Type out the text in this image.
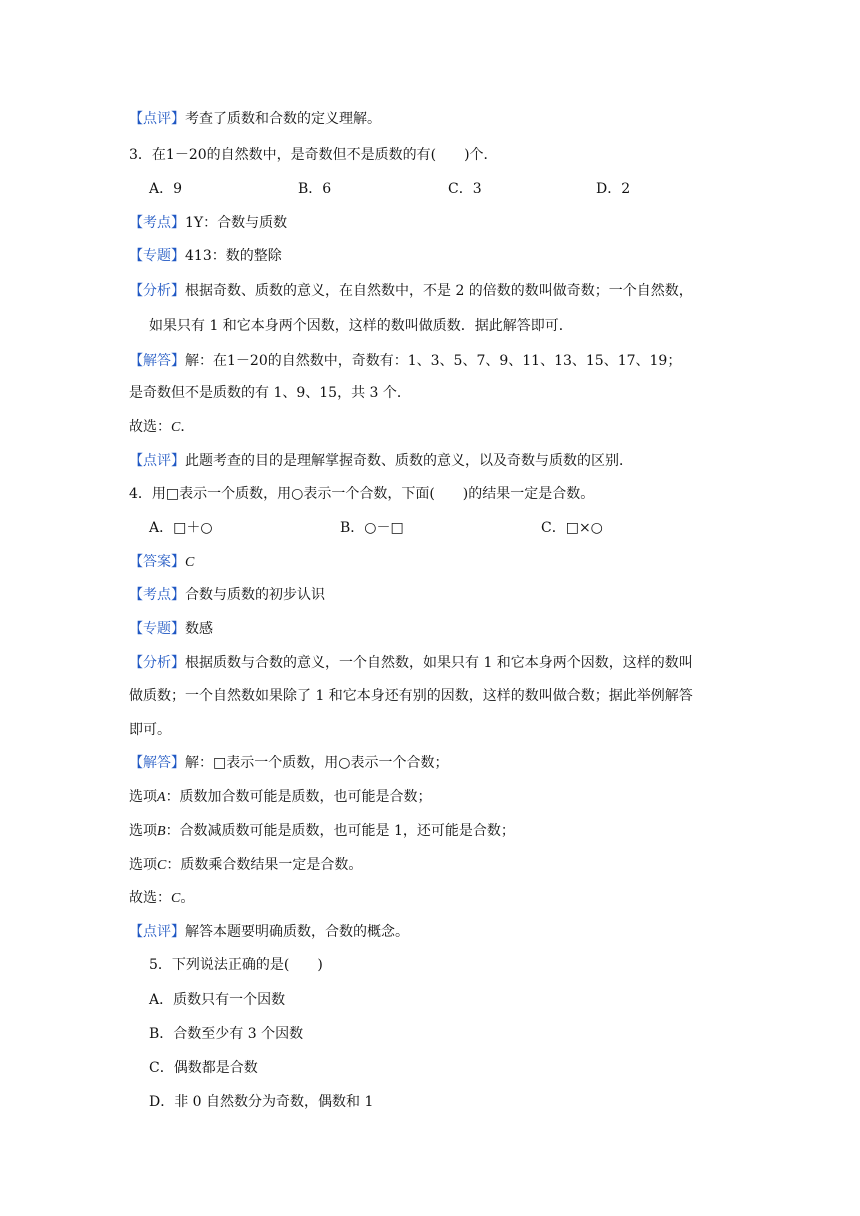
【点评】考查了质数和合数的定义理解。
3．在1－20的自然数中，是奇数但不是质数的有(　　)个．
A．9	B．6	C．3	D．2
【考点】1Y：合数与质数
【专题】413：数的整除
【分析】根据奇数、质数的意义，在自然数中，不是 2 的倍数的数叫做奇数；一个自然数，
如果只有 1 和它本身两个因数，这样的数叫做质数．据此解答即可．
【解答】解：在1－20的自然数中，奇数有：1、3、5、7、9、11、13、15、17、19；
是奇数但不是质数的有 1、9、15，共 3 个．
故选：C．
【点评】此题考查的目的是理解掌握奇数、质数的意义，以及奇数与质数的区别．
4．用□表示一个质数，用○表示一个合数，下面(　　)的结果一定是合数。
A．□＋○	B．○－□	C．□×○
【答案】C
【考点】合数与质数的初步认识
【专题】数感
【分析】根据质数与合数的意义，一个自然数，如果只有 1 和它本身两个因数，这样的数叫
做质数；一个自然数如果除了 1 和它本身还有别的因数，这样的数叫做合数；据此举例解答
即可。
【解答】解：□表示一个质数，用○表示一个合数；
选项A：质数加合数可能是质数，也可能是合数；
选项B：合数减质数可能是质数，也可能是 1，还可能是合数；
选项C：质数乘合数结果一定是合数。
故选：C。
【点评】解答本题要明确质数，合数的概念。
5．下列说法正确的是(　　)
A．质数只有一个因数
B．合数至少有 3 个因数
C．偶数都是合数
D．非 0 自然数分为奇数，偶数和 1
